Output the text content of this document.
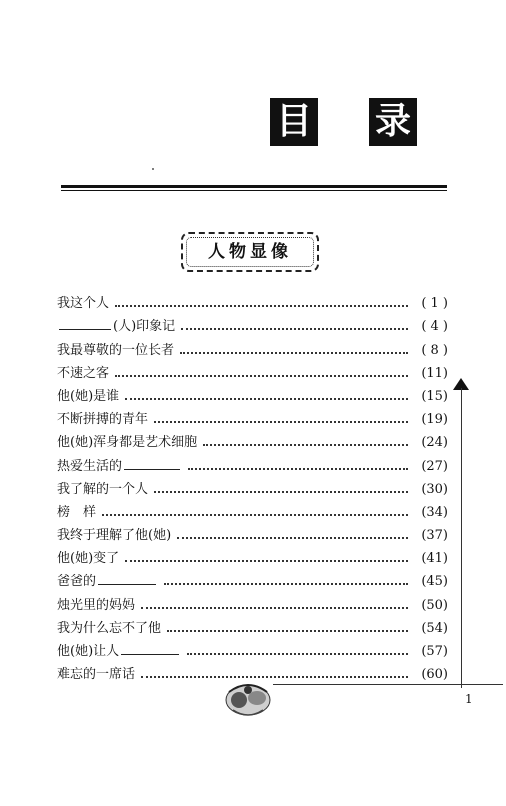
目 录
人物显像
我这个人	( 1 )
(人)印象记	( 4 )
我最尊敬的一位长者	( 8 )
不速之客	(11)
他(她)是谁	(15)
不断拼搏的青年	(19)
他(她)浑身都是艺术细胞	(24)
热爱生活的	(27)
我了解的一个人	(30)
榜　样	(34)
我终于理解了他(她)	(37)
他(她)变了	(41)
爸爸的	(45)
烛光里的妈妈	(50)
我为什么忘不了他	(54)
他(她)让人	(57)
难忘的一席话	(60)
1
